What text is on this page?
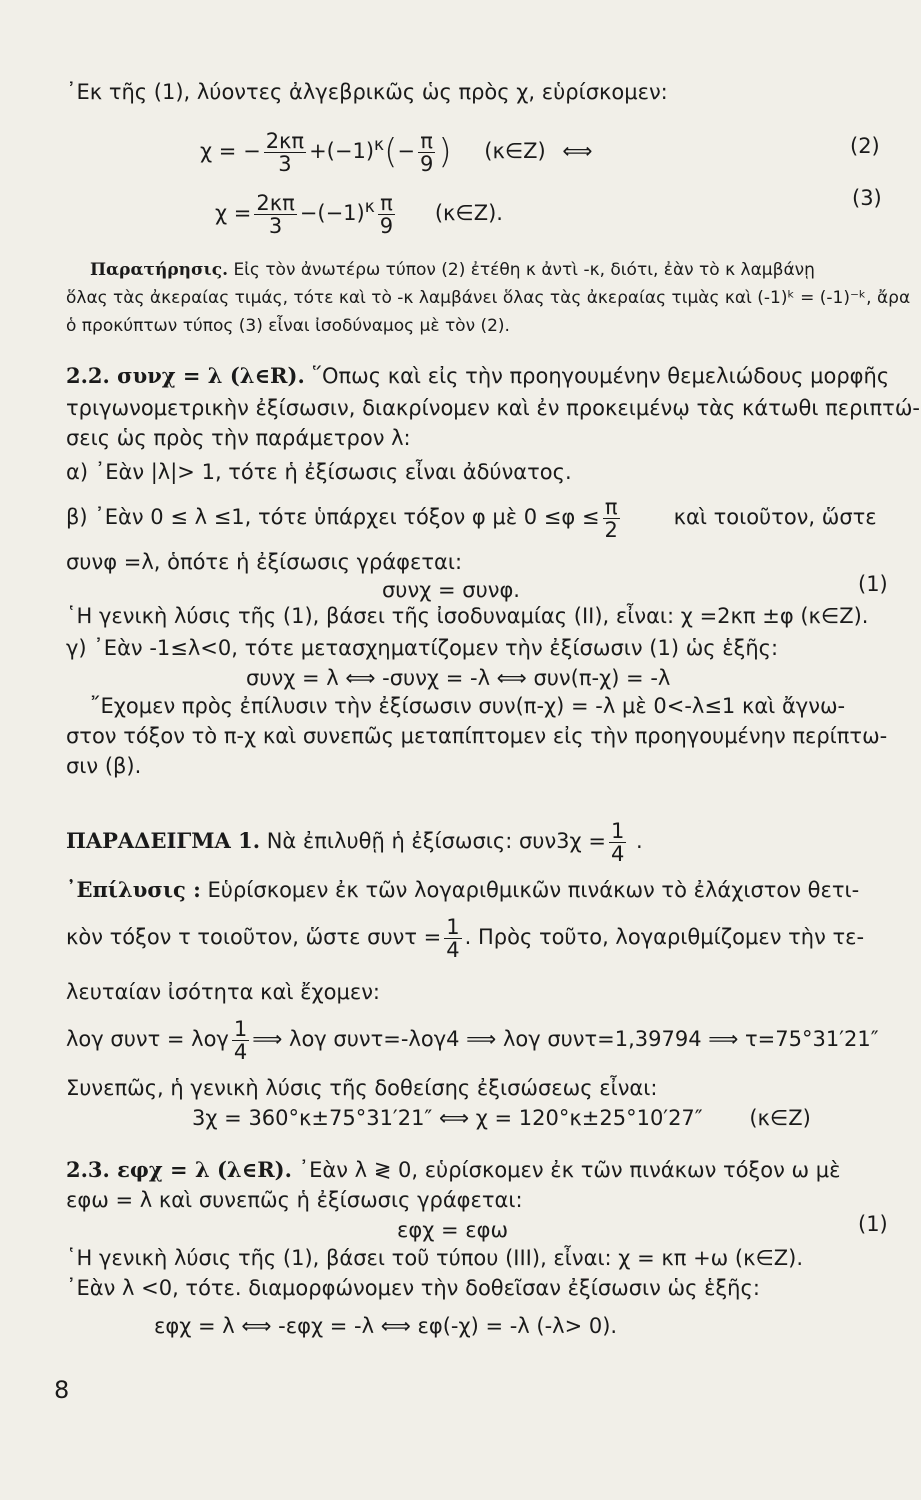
᾿Εκ τῆς (1), λύοντες ἀλγεβρικῶς ὡς πρὸς χ, εὑρίσκομεν:
χ = − $\frac{2\kappa\pi}{3} +(-1)^\kappa(- \frac{\pi}{9}$ ) (κ∈Z) ⟺	(2)
$\chi = \frac{2\kappa\pi}{3} -(-1)^\kappa \frac{\pi}{9}$ (κ∈Z).
(3)
Παρατήρησις. Εἰς τὸν ἀνωτέρω τύπον (2) ἐτέθη κ ἀντὶ -κ, διότι, ἐὰν τὸ κ λαμβάνῃ
ὅλας τὰς ἀκεραίας τιμάς, τότε καὶ τὸ -κ λαμβάνει ὅλας τὰς ἀκεραίας τιμὰς καὶ (-1)ᵏ = (-1)⁻ᵏ, ἄρα
ὁ προκύπτων τύπος (3) εἶναι ἰσοδύναμος μὲ τὸν (2).
2.2. συνχ = λ (λ∈R). ῞Οπως καὶ εἰς τὴν προηγουμένην θεμελιώδους μορφῆς
τριγωνομετρικὴν ἐξίσωσιν, διακρίνομεν καὶ ἐν προκειμένῳ τὰς κάτωθι περιπτώ-
σεις ὡς πρὸς τὴν παράμετρον λ:
α) ᾿Εὰν |λ|> 1, τότε ἡ ἐξίσωσις εἶναι ἀδύνατος.
β) ᾿Εὰν 0 ≤ λ ≤1, τότε ὑπάρχει τόξον φ μὲ $0 \le\varphi \le \frac{\pi}{2}$	καὶ τοιοῦτον, ὥστε
συνφ =λ, ὁπότε ἡ ἐξίσωσις γράφεται:
συνχ = συνφ.	(1)
῾Η γενικὴ λύσις τῆς (1), βάσει τῆς ἰσοδυναμίας (ΙΙ), εἶναι: χ =2κπ ±φ (κ∈Z).
γ) ᾿Εὰν -1≤λ<0, τότε μετασχηματίζομεν τὴν ἐξίσωσιν (1) ὡς ἑξῆς:
συνχ = λ ⟺ -συνχ = -λ ⟺ συν(π-χ) = -λ
῎Εχομεν πρὸς ἐπίλυσιν τὴν ἐξίσωσιν συν(π-χ) = -λ μὲ 0<-λ≤1 καὶ ἄγνω-
στον τόξον τὸ π-χ καὶ συνεπῶς μεταπίπτομεν εἰς τὴν προηγουμένην περίπτω-
σιν (β).
ΠΑΡΑΔΕΙΓΜΑ 1. Νὰ ἐπιλυθῇ ἡ ἐξίσωσις: $\sigma\upsilon\nu 3\chi = \frac{1}{4}$ .
᾿Επίλυσις : Εὑρίσκομεν ἐκ τῶν λογαριθμικῶν πινάκων τὸ ἐλάχιστον θετι-
κὸν τόξον τ τοιοῦτον, ὥστε $\sigma\upsilon\nu\tau = \frac{1}{4}$ . Πρὸς τοῦτο, λογαριθμίζομεν τὴν τε-
λευταίαν ἰσότητα καὶ ἔχομεν:
λογ συντ = λογ $\frac{1}{4}$ ⟹ λογ συντ=-λογ4 ⟹ λογ συντ=1,39794 ⟹ τ=75°31′21″
Συνεπῶς, ἡ γενικὴ λύσις τῆς δοθείσης ἐξισώσεως εἶναι:
3χ = 360°κ±75°31′21″ ⟺ χ = 120°κ±25°10′27″ (κ∈Z)
2.3. εφχ = λ (λ∈R). ᾿Εὰν λ ≷ 0, εὑρίσκομεν ἐκ τῶν πινάκων τόξον ω μὲ
εφω = λ καὶ συνεπῶς ἡ ἐξίσωσις γράφεται:
εφχ = εφω	(1)
῾Η γενικὴ λύσις τῆς (1), βάσει τοῦ τύπου (ΙΙΙ), εἶναι: χ = κπ +ω (κ∈Z).
᾿Εὰν λ <0, τότε. διαμορφώνομεν τὴν δοθεῖσαν ἐξίσωσιν ὡς ἑξῆς:
εφχ = λ ⟺ -εφχ = -λ ⟺ εφ(-χ) = -λ (-λ> 0).
8
